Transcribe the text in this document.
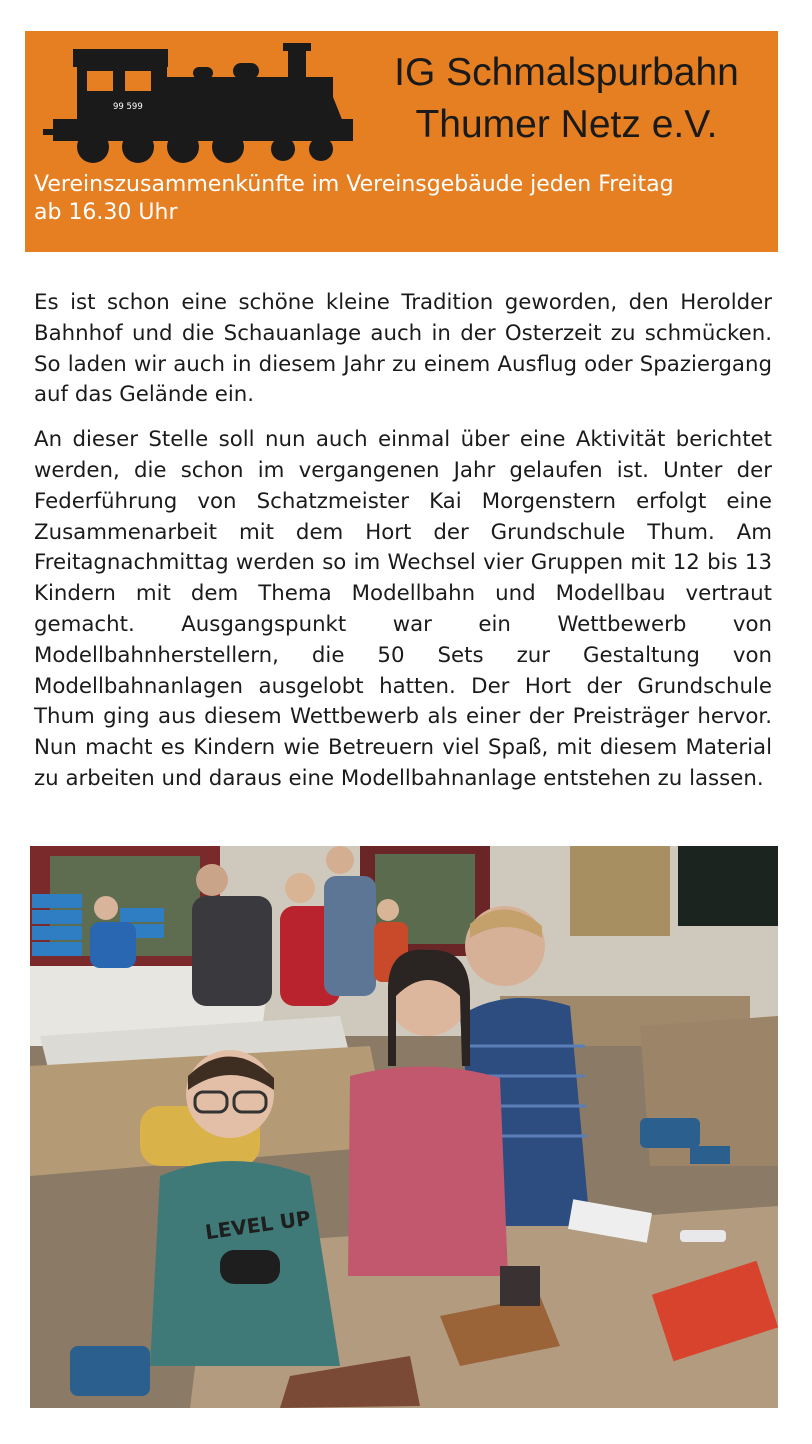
99 599
IG Schmalspurbahn
Thumer Netz e.V.
Vereinszusammenkünfte im Vereinsgebäude jeden Freitag
ab 16.30 Uhr

Es ist schon eine schöne kleine Tradition geworden, den Herolder Bahnhof und die Schauanlage auch in der Osterzeit zu schmücken. So laden wir auch in diesem Jahr zu einem Ausflug oder Spaziergang auf das Gelände ein.

An dieser Stelle soll nun auch einmal über eine Aktivität berichtet werden, die schon im vergangenen Jahr gelaufen ist. Unter der Federführung von Schatzmeister Kai Morgenstern erfolgt eine Zusammenarbeit mit dem Hort der Grundschule Thum. Am Freitagnachmittag werden so im Wechsel vier Gruppen mit 12 bis 13 Kindern mit dem Thema Modellbahn und Modellbau vertraut gemacht. Ausgangspunkt war ein Wettbewerb von Modellbahnherstellern, die 50 Sets zur Gestaltung von Modellbahnanlagen ausgelobt hatten. Der Hort der Grundschule Thum ging aus diesem Wettbewerb als einer der Preisträger hervor. Nun macht es Kindern wie Betreuern viel Spaß, mit diesem Material zu arbeiten und daraus eine Modellbahnanlage entstehen zu lassen.

LEVEL UP
